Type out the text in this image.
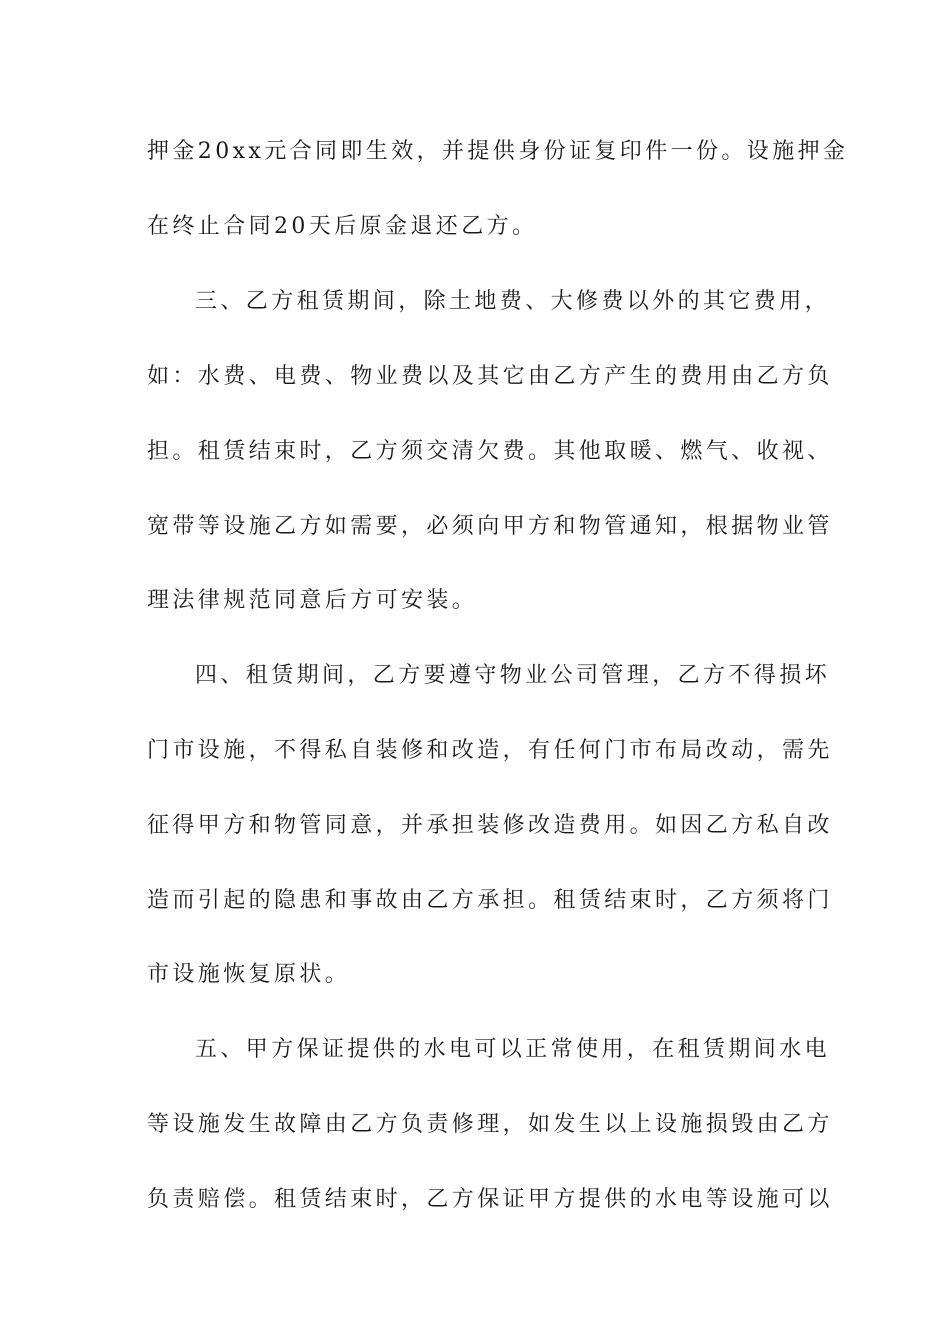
押金20xx元合同即生效，并提供身份证复印件一份。设施押金
在终止合同20天后原金退还乙方。
三、乙方租赁期间，除土地费、大修费以外的其它费用，
如：水费、电费、物业费以及其它由乙方产生的费用由乙方负
担。租赁结束时，乙方须交清欠费。其他取暖、燃气、收视、
宽带等设施乙方如需要，必须向甲方和物管通知，根据物业管
理法律规范同意后方可安装。
四、租赁期间，乙方要遵守物业公司管理，乙方不得损坏
门市设施，不得私自装修和改造，有任何门市布局改动，需先
征得甲方和物管同意，并承担装修改造费用。如因乙方私自改
造而引起的隐患和事故由乙方承担。租赁结束时，乙方须将门
市设施恢复原状。
五、甲方保证提供的水电可以正常使用，在租赁期间水电
等设施发生故障由乙方负责修理，如发生以上设施损毁由乙方
负责赔偿。租赁结束时，乙方保证甲方提供的水电等设施可以
